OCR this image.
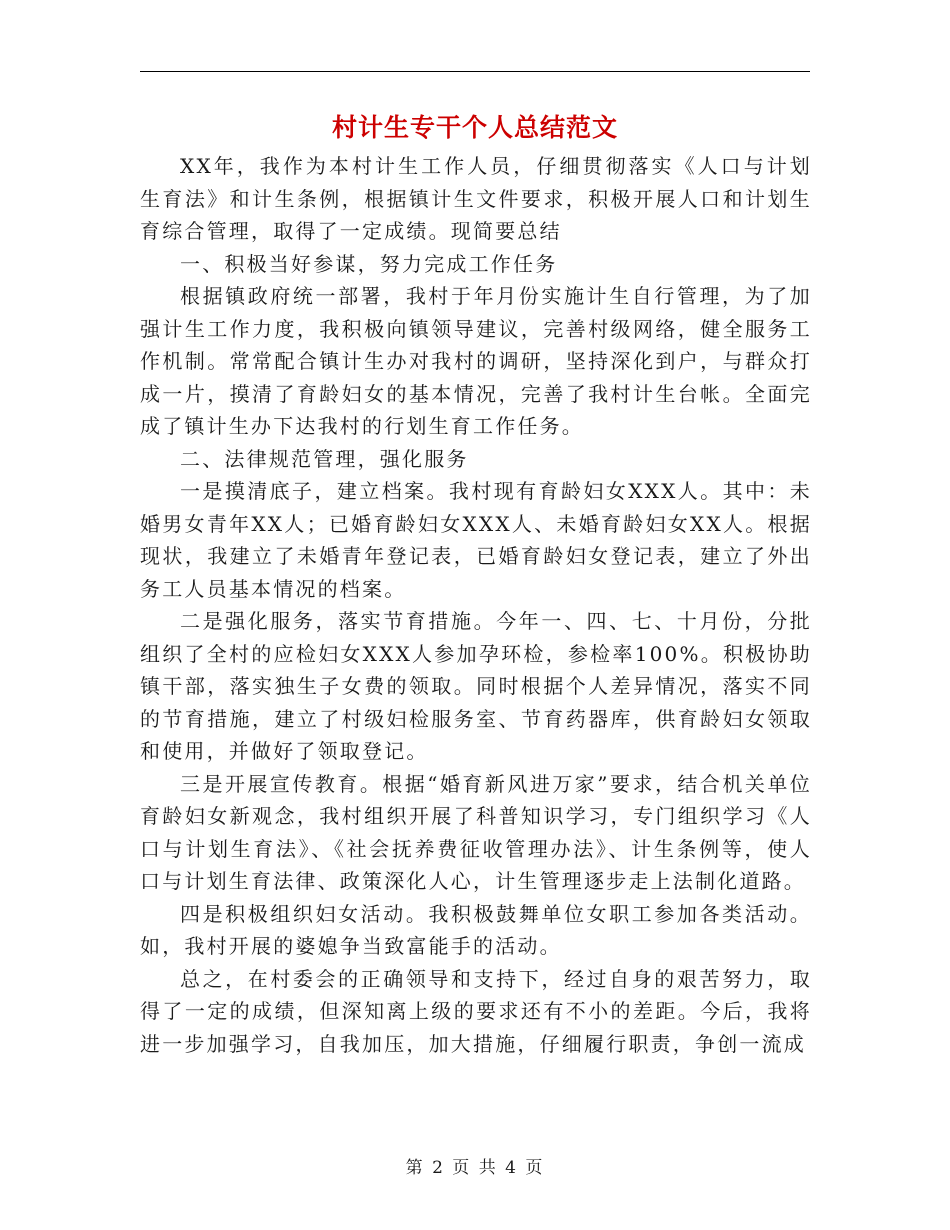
村计生专干个人总结范文

XX年，我作为本村计生工作人员，仔细贯彻落实《人口与计划生育法》和计生条例，根据镇计生文件要求，积极开展人口和计划生育综合管理，取得了一定成绩。现简要总结

一、积极当好参谋，努力完成工作任务

根据镇政府统一部署，我村于年月份实施计生自行管理，为了加强计生工作力度，我积极向镇领导建议，完善村级网络，健全服务工作机制。常常配合镇计生办对我村的调研，坚持深化到户，与群众打成一片，摸清了育龄妇女的基本情况，完善了我村计生台帐。全面完成了镇计生办下达我村的行划生育工作任务。

二、法律规范管理，强化服务

一是摸清底子，建立档案。我村现有育龄妇女XXX人。其中：未婚男女青年XX人；已婚育龄妇女XXX人、未婚育龄妇女XX人。根据现状，我建立了未婚青年登记表，已婚育龄妇女登记表，建立了外出务工人员基本情况的档案。

二是强化服务，落实节育措施。今年一、四、七、十月份，分批组织了全村的应检妇女XXX人参加孕环检，参检率100%。积极协助镇干部，落实独生子女费的领取。同时根据个人差异情况，落实不同的节育措施，建立了村级妇检服务室、节育药器库，供育龄妇女领取和使用，并做好了领取登记。

三是开展宣传教育。根据“婚育新风进万家”要求，结合机关单位育龄妇女新观念，我村组织开展了科普知识学习，专门组织学习《人口与计划生育法》、《社会抚养费征收管理办法》、计生条例等，使人口与计划生育法律、政策深化人心，计生管理逐步走上法制化道路。

四是积极组织妇女活动。我积极鼓舞单位女职工参加各类活动。如，我村开展的婆媳争当致富能手的活动。

总之，在村委会的正确领导和支持下，经过自身的艰苦努力，取得了一定的成绩，但深知离上级的要求还有不小的差距。今后，我将进一步加强学习，自我加压，加大措施，仔细履行职责，争创一流成

第 2 页 共 4 页
